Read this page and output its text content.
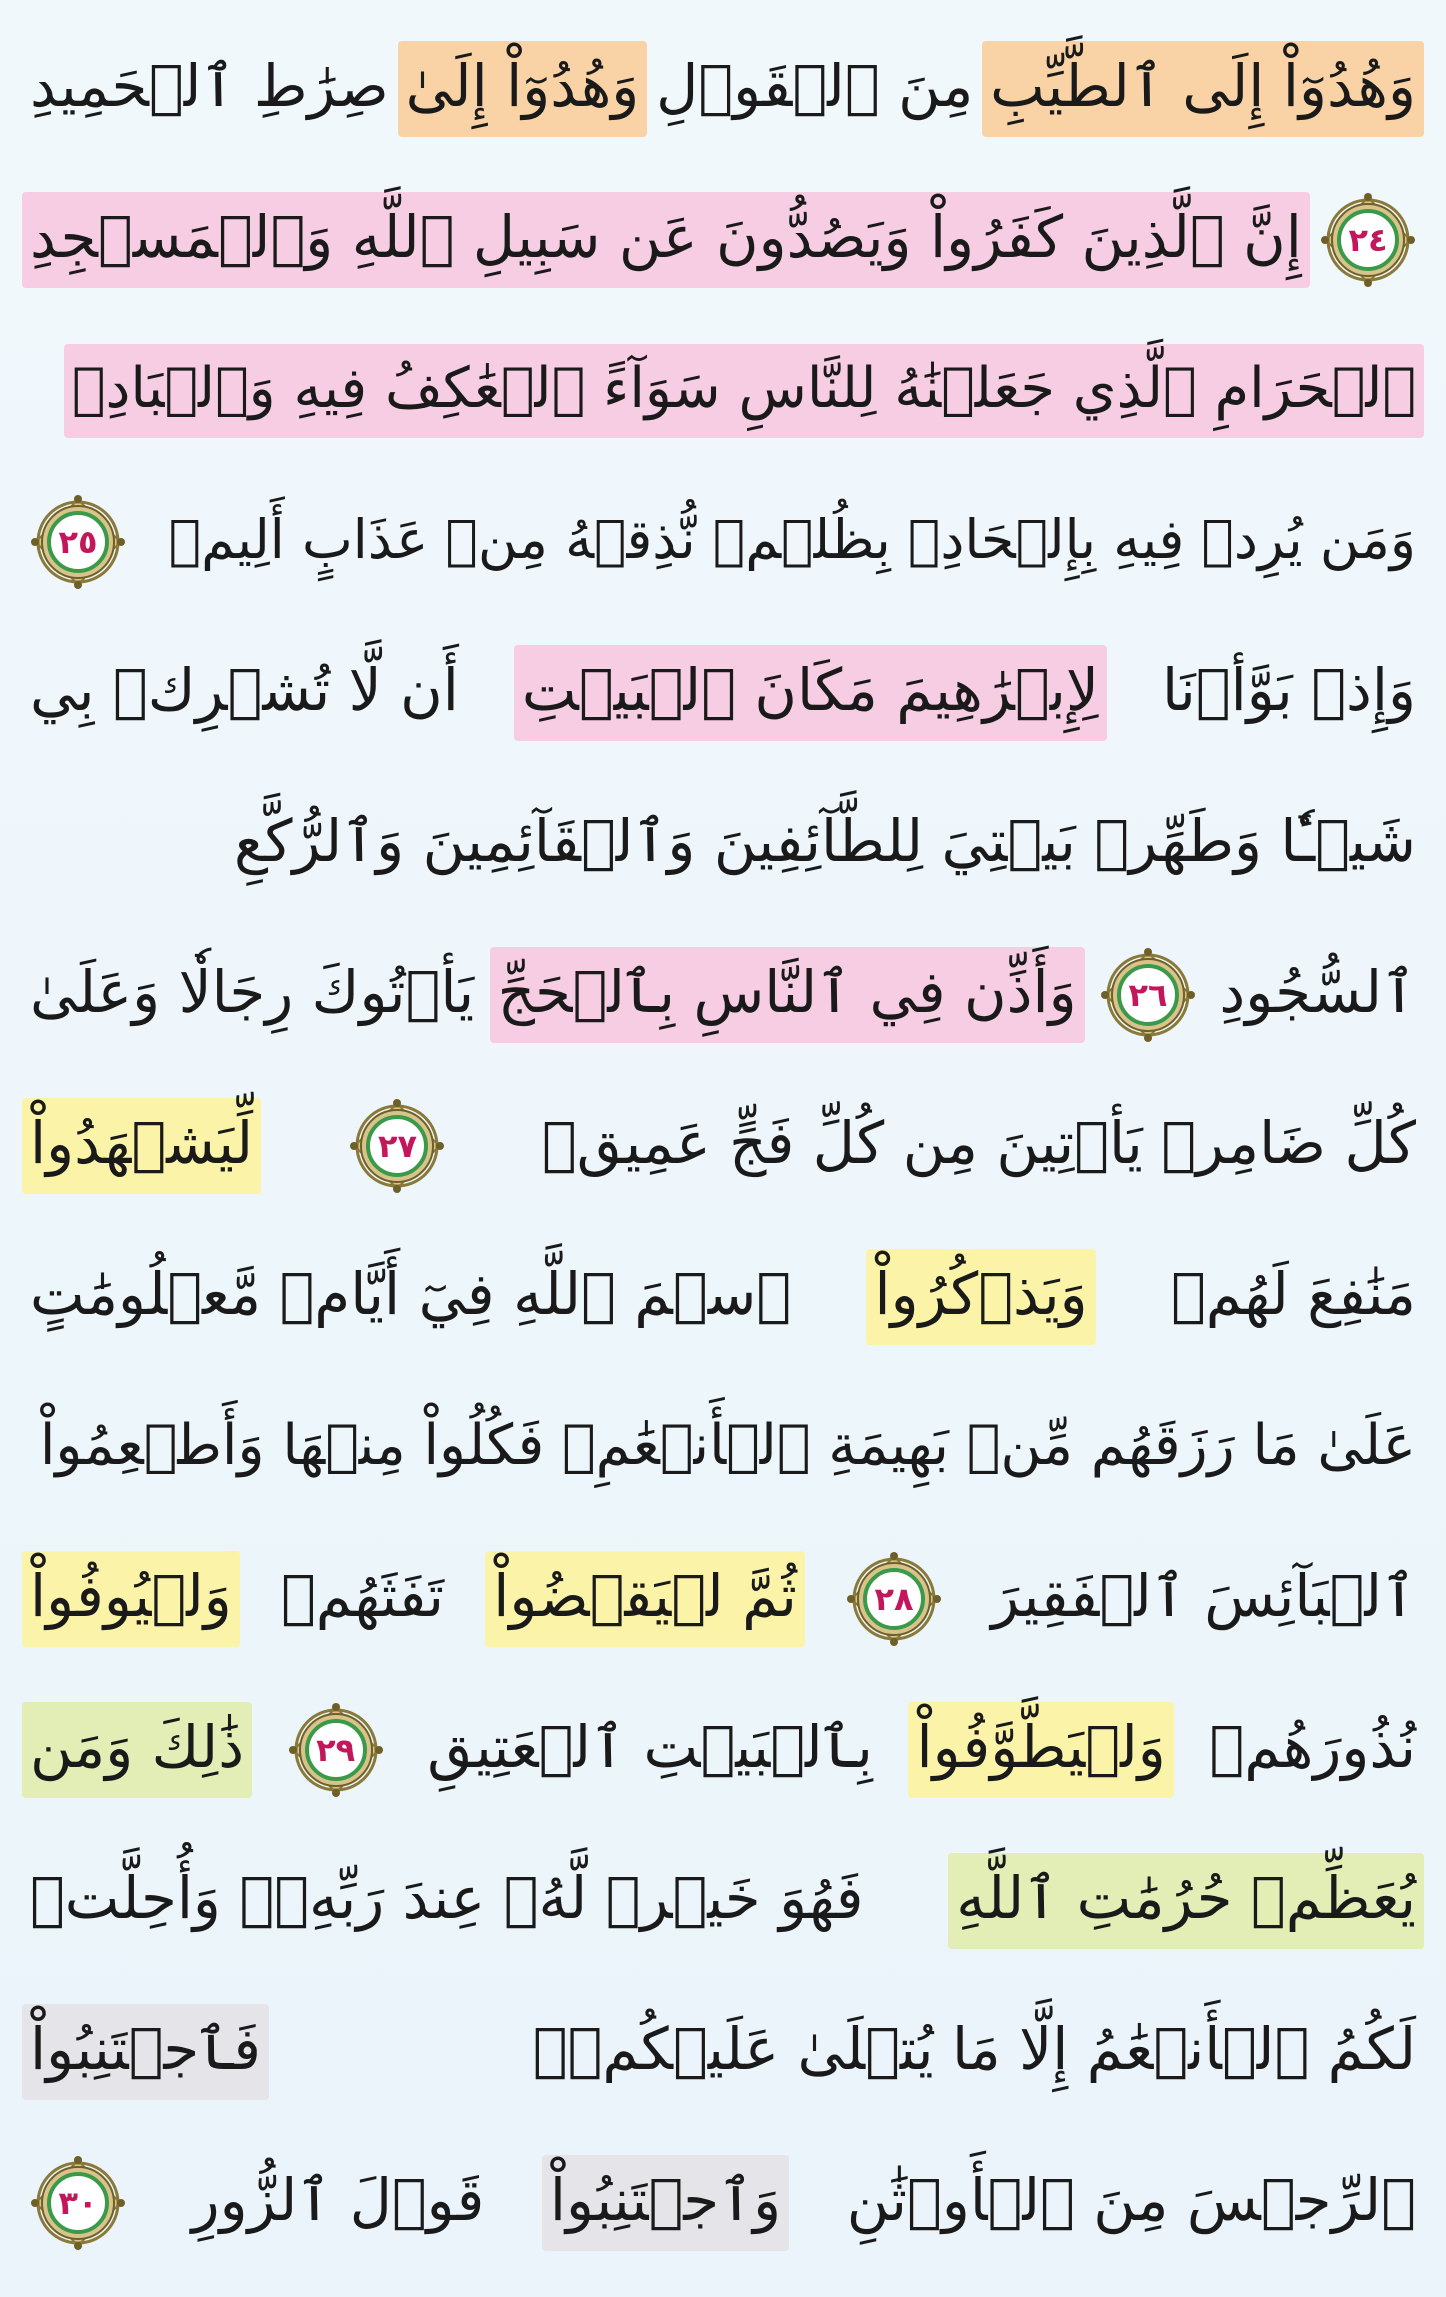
وَهُدُوٓاْ إِلَى ٱلطَّيِّبِ
مِنَ ٱلۡقَوۡلِ
وَهُدُوٓاْ إِلَىٰ
صِرَٰطِ ٱلۡحَمِيدِ
٢٤
إِنَّ ٱلَّذِينَ كَفَرُواْ وَيَصُدُّونَ عَن سَبِيلِ ٱللَّهِ وَٱلۡمَسۡجِدِ
ٱلۡحَرَامِ ٱلَّذِي جَعَلۡنَٰهُ لِلنَّاسِ سَوَآءً ٱلۡعَٰكِفُ فِيهِ وَٱلۡبَادِۚ
وَمَن يُرِدۡ فِيهِ بِإِلۡحَادِۭ بِظُلۡمٖ نُّذِقۡهُ مِنۡ عَذَابٍ أَلِيمٖ
٢٥
وَإِذۡ بَوَّأۡنَا
لِإِبۡرَٰهِيمَ مَكَانَ ٱلۡبَيۡتِ
أَن لَّا تُشۡرِكۡ بِي
شَيۡـٔٗا وَطَهِّرۡ بَيۡتِيَ لِلطَّآئِفِينَ وَٱلۡقَآئِمِينَ وَٱلرُّكَّعِ
ٱلسُّجُودِ
٢٦
وَأَذِّن فِي ٱلنَّاسِ بِٱلۡحَجِّ
يَأۡتُوكَ رِجَالٗا وَعَلَىٰ
كُلِّ ضَامِرٖ يَأۡتِينَ مِن كُلِّ فَجٍّ عَمِيقٖ
٢٧
لِّيَشۡهَدُواْ
مَنَٰفِعَ لَهُمۡ
وَيَذۡكُرُواْ
ٱسۡمَ ٱللَّهِ فِيٓ أَيَّامٖ مَّعۡلُومَٰتٍ
عَلَىٰ مَا رَزَقَهُم مِّنۢ بَهِيمَةِ ٱلۡأَنۡعَٰمِۖ فَكُلُواْ مِنۡهَا وَأَطۡعِمُواْ
ٱلۡبَآئِسَ ٱلۡفَقِيرَ
٢٨
ثُمَّ لۡيَقۡضُواْ
تَفَثَهُمۡ
وَلۡيُوفُواْ
نُذُورَهُمۡ
وَلۡيَطَّوَّفُواْ
بِٱلۡبَيۡتِ ٱلۡعَتِيقِ
٢٩
ذَٰلِكَ وَمَن
يُعَظِّمۡ حُرُمَٰتِ ٱللَّهِ
فَهُوَ خَيۡرٞ لَّهُۥ عِندَ رَبِّهِۦۗ وَأُحِلَّتۡ
لَكُمُ ٱلۡأَنۡعَٰمُ إِلَّا مَا يُتۡلَىٰ عَلَيۡكُمۡۖ
فَٱجۡتَنِبُواْ
ٱلرِّجۡسَ مِنَ ٱلۡأَوۡثَٰنِ
وَٱجۡتَنِبُواْ
قَوۡلَ ٱلزُّورِ
٣٠
